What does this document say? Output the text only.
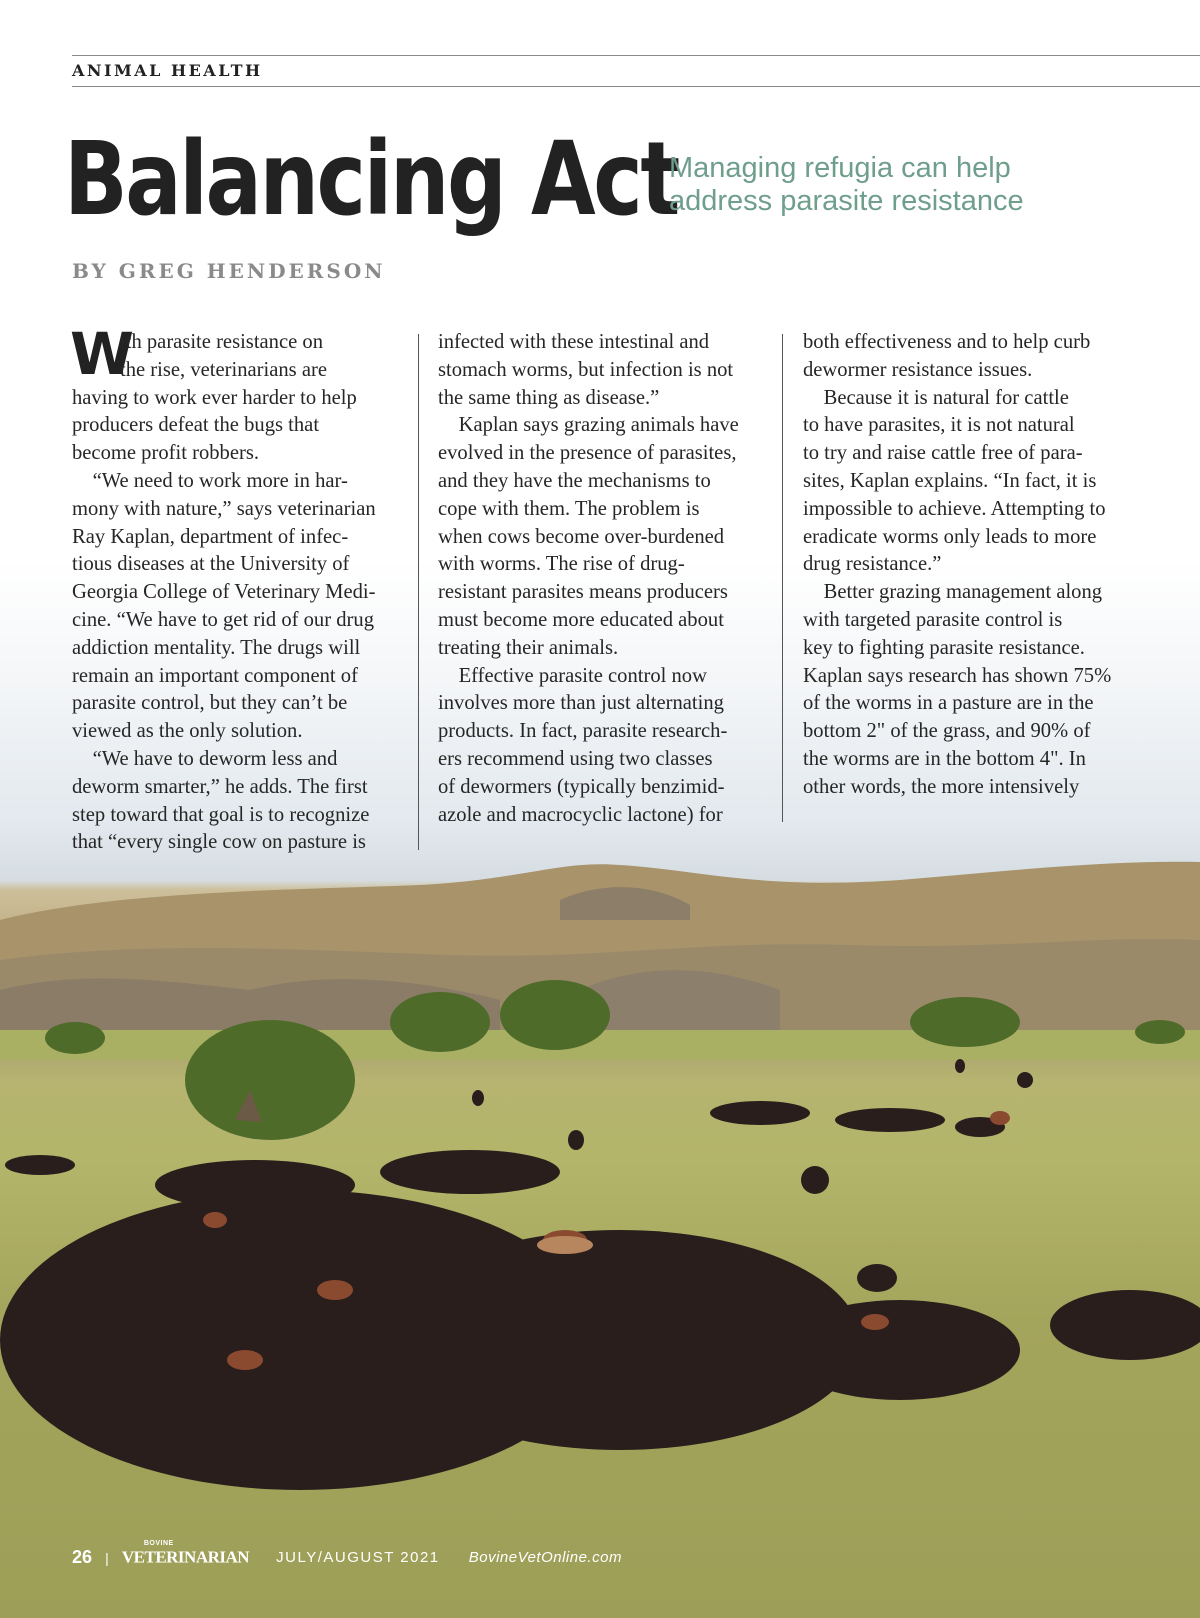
ANIMAL HEALTH
Balancing Act
Managing refugia can help
address parasite resistance
BY GREG HENDERSON
W

ith parasite resistance on

the rise, veterinarians are

having to work ever harder to help

producers defeat the bugs that

become profit robbers.

“We need to work more in har-

mony with nature,” says veterinarian

Ray Kaplan, department of infec-

tious diseases at the University of

Georgia College of Veterinary Medi-

cine. “We have to get rid of our drug

addiction mentality. The drugs will

remain an important component of

parasite control, but they can’t be

viewed as the only solution.

“We have to deworm less and

deworm smarter,” he adds. The first

step toward that goal is to recognize

that “every single cow on pasture is

infected with these intestinal and

stomach worms, but infection is not

the same thing as disease.”

Kaplan says grazing animals have

evolved in the presence of parasites,

and they have the mechanisms to

cope with them. The problem is

when cows become over-burdened

with worms. The rise of drug-

resistant parasites means producers

must become more educated about

treating their animals.

Effective parasite control now

involves more than just alternating

products. In fact, parasite research-

ers recommend using two classes

of dewormers (typically benzimid-

azole and macrocyclic lactone) for

both effectiveness and to help curb

dewormer resistance issues.

Because it is natural for cattle

to have parasites, it is not natural

to try and raise cattle free of para-

sites, Kaplan explains. “In fact, it is

impossible to achieve. Attempting to

eradicate worms only leads to more

drug resistance.”

Better grazing management along

with targeted parasite control is

key to fighting parasite resistance.

Kaplan says research has shown 75%

of the worms in a pasture are in the

bottom 2" of the grass, and 90% of

the worms are in the bottom 4". In

other words, the more intensively

26 |
BOVINE
VETERINARIAN JULY/AUGUST 2021 BovineVetOnline.com
